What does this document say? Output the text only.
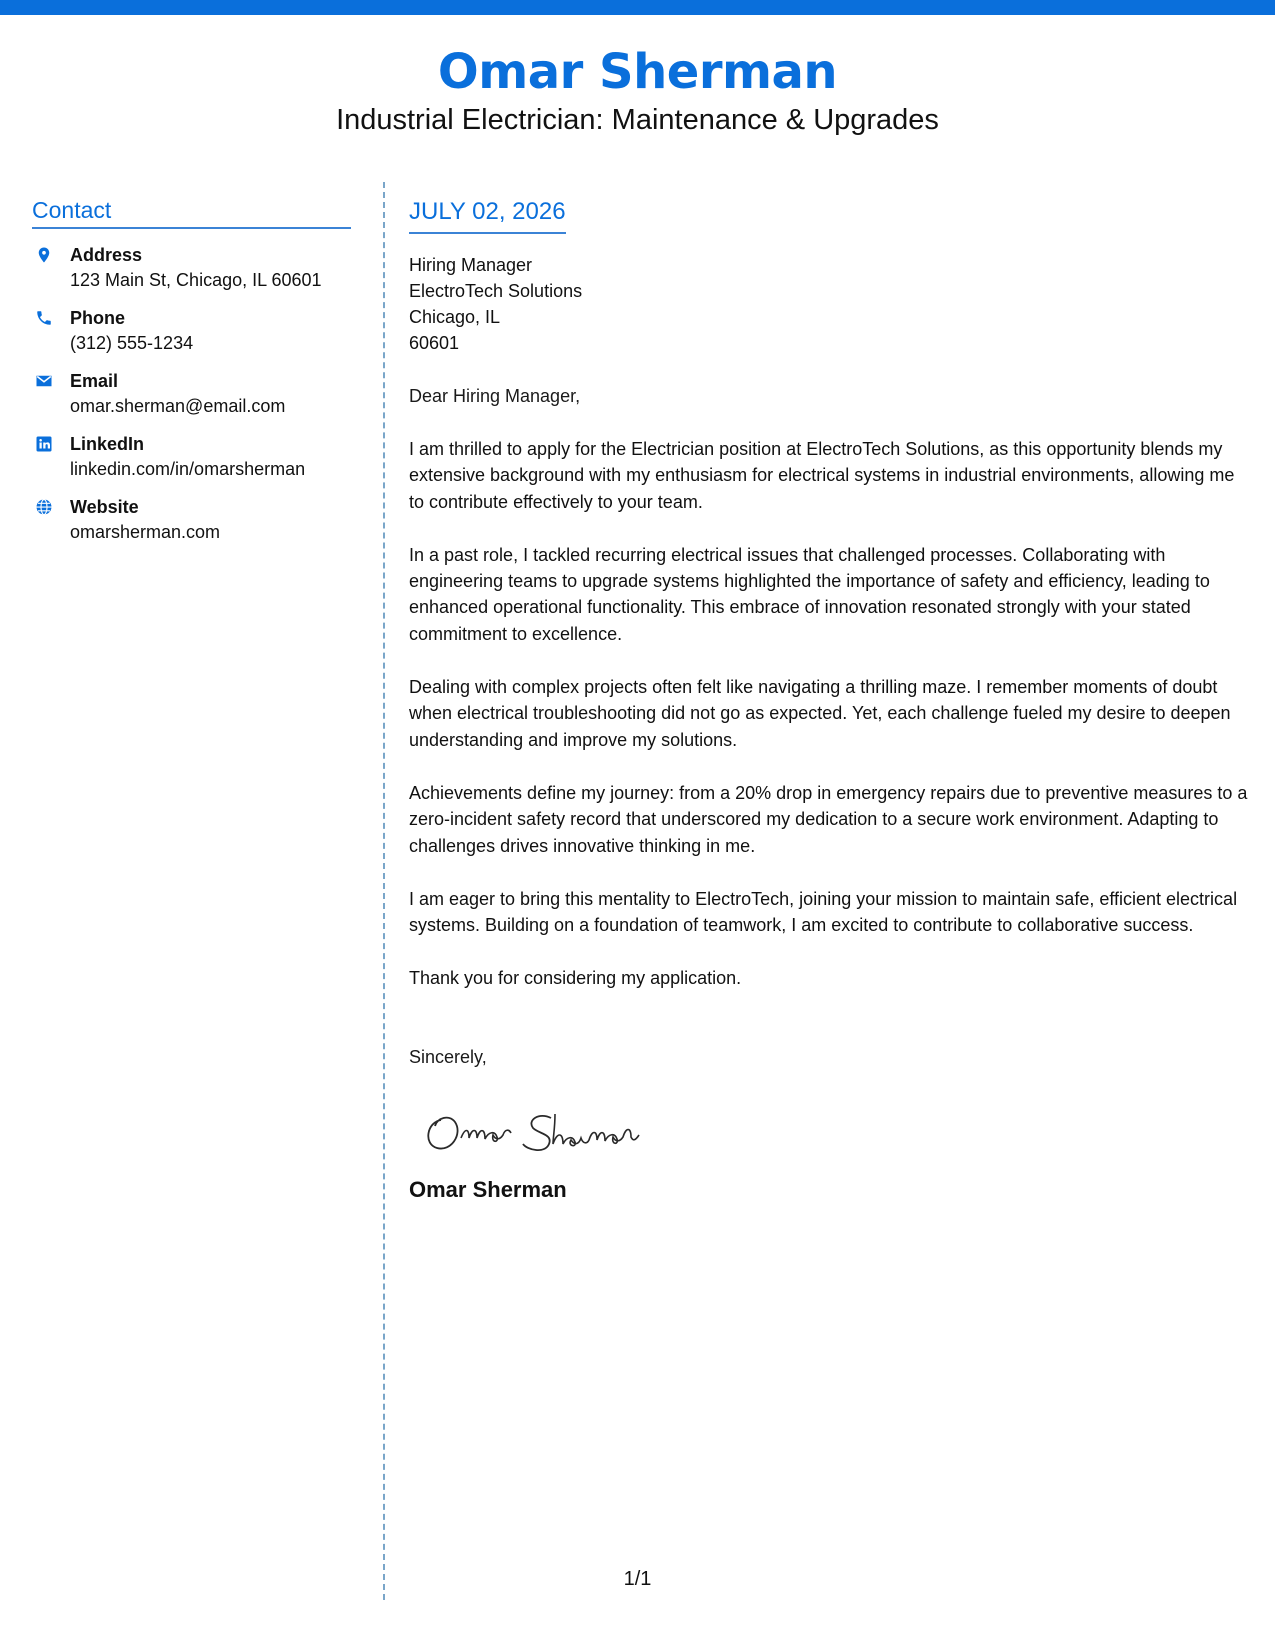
Omar Sherman
Industrial Electrician: Maintenance & Upgrades
Contact
Address
123 Main St, Chicago, IL 60601
Phone
(312) 555-1234
Email
omar.sherman@email.com
LinkedIn
linkedin.com/in/omarsherman
Website
omarsherman.com
JULY 02, 2026
Hiring Manager
ElectroTech Solutions
Chicago, IL
60601
Dear Hiring Manager,
I am thrilled to apply for the Electrician position at ElectroTech Solutions, as this opportunity blends my extensive background with my enthusiasm for electrical systems in industrial environments, allowing me to contribute effectively to your team.
In a past role, I tackled recurring electrical issues that challenged processes. Collaborating with engineering teams to upgrade systems highlighted the importance of safety and efficiency, leading to enhanced operational functionality. This embrace of innovation resonated strongly with your stated commitment to excellence.
Dealing with complex projects often felt like navigating a thrilling maze. I remember moments of doubt when electrical troubleshooting did not go as expected. Yet, each challenge fueled my desire to deepen understanding and improve my solutions.
Achievements define my journey: from a 20% drop in emergency repairs due to preventive measures to a zero-incident safety record that underscored my dedication to a secure work environment. Adapting to challenges drives innovative thinking in me.
I am eager to bring this mentality to ElectroTech, joining your mission to maintain safe, efficient electrical systems. Building on a foundation of teamwork, I am excited to contribute to collaborative success.
Thank you for considering my application.
Sincerely,
Omar Sherman
1/1
